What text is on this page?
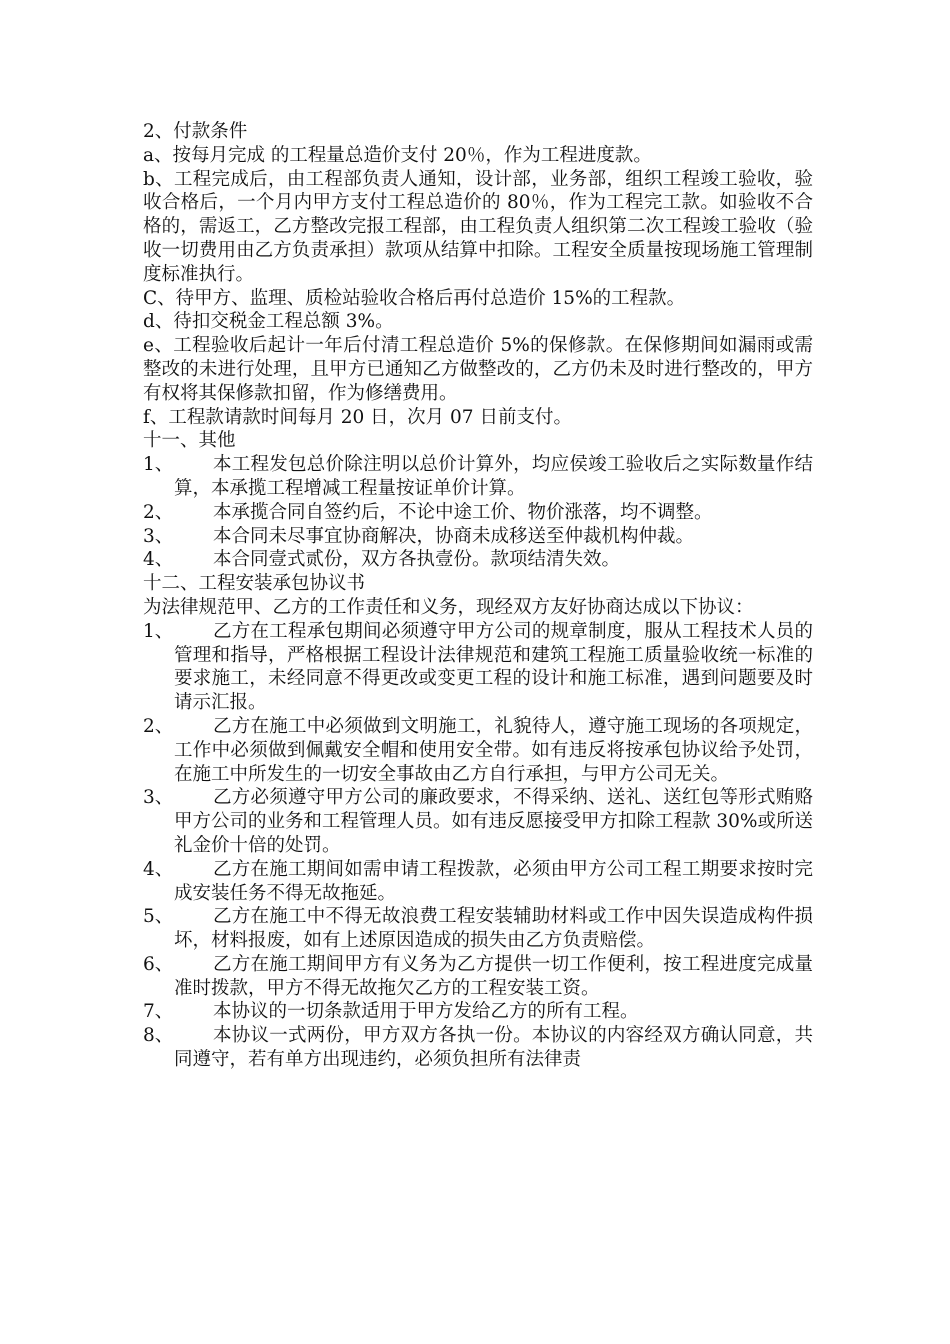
2、付款条件
a、按每月完成 的工程量总造价支付 20％，作为工程进度款。
b、工程完成后，由工程部负责人通知，设计部，业务部，组织工程竣工验收，验收合格后，一个月内甲方支付工程总造价的 80％，作为工程完工款。如验收不合格的，需返工，乙方整改完报工程部，由工程负责人组织第二次工程竣工验收（验收一切费用由乙方负责承担）款项从结算中扣除。工程安全质量按现场施工管理制度标准执行。
C、待甲方、监理、质检站验收合格后再付总造价 15%的工程款。
d、待扣交税金工程总额 3%。
e、工程验收后起计一年后付清工程总造价 5%的保修款。在保修期间如漏雨或需整改的未进行处理，且甲方已通知乙方做整改的，乙方仍未及时进行整改的，甲方有权将其保修款扣留，作为修缮费用。
f、工程款请款时间每月 20 日，次月 07 日前支付。
十一、其他
1、	本工程发包总价除注明以总价计算外，均应侯竣工验收后之实际数量作结算，本承揽工程增减工程量按证单价计算。
2、	本承揽合同自签约后，不论中途工价、物价涨落，均不调整。
3、	本合同未尽事宜协商解决，协商未成移送至仲裁机构仲裁。
4、	本合同壹式贰份，双方各执壹份。款项结清失效。
十二、工程安装承包协议书
为法律规范甲、乙方的工作责任和义务，现经双方友好协商达成以下协议：
1、	乙方在工程承包期间必须遵守甲方公司的规章制度，服从工程技术人员的管理和指导，严格根据工程设计法律规范和建筑工程施工质量验收统一标准的要求施工，未经同意不得更改或变更工程的设计和施工标准，遇到问题要及时请示汇报。
2、	乙方在施工中必须做到文明施工，礼貌待人，遵守施工现场的各项规定，工作中必须做到佩戴安全帽和使用安全带。如有违反将按承包协议给予处罚，在施工中所发生的一切安全事故由乙方自行承担，与甲方公司无关。
3、	乙方必须遵守甲方公司的廉政要求，不得采纳、送礼、送红包等形式贿赂甲方公司的业务和工程管理人员。如有违反愿接受甲方扣除工程款 30%或所送礼金价十倍的处罚。
4、	乙方在施工期间如需申请工程拨款，必须由甲方公司工程工期要求按时完成安装任务不得无故拖延。
5、	乙方在施工中不得无故浪费工程安装辅助材料或工作中因失误造成构件损坏，材料报废，如有上述原因造成的损失由乙方负责赔偿。
6、	乙方在施工期间甲方有义务为乙方提供一切工作便利，按工程进度完成量准时拨款，甲方不得无故拖欠乙方的工程安装工资。
7、	本协议的一切条款适用于甲方发给乙方的所有工程。
8、	本协议一式两份，甲方双方各执一份。本协议的内容经双方确认同意，共同遵守，若有单方出现违约，必须负担所有法律责
